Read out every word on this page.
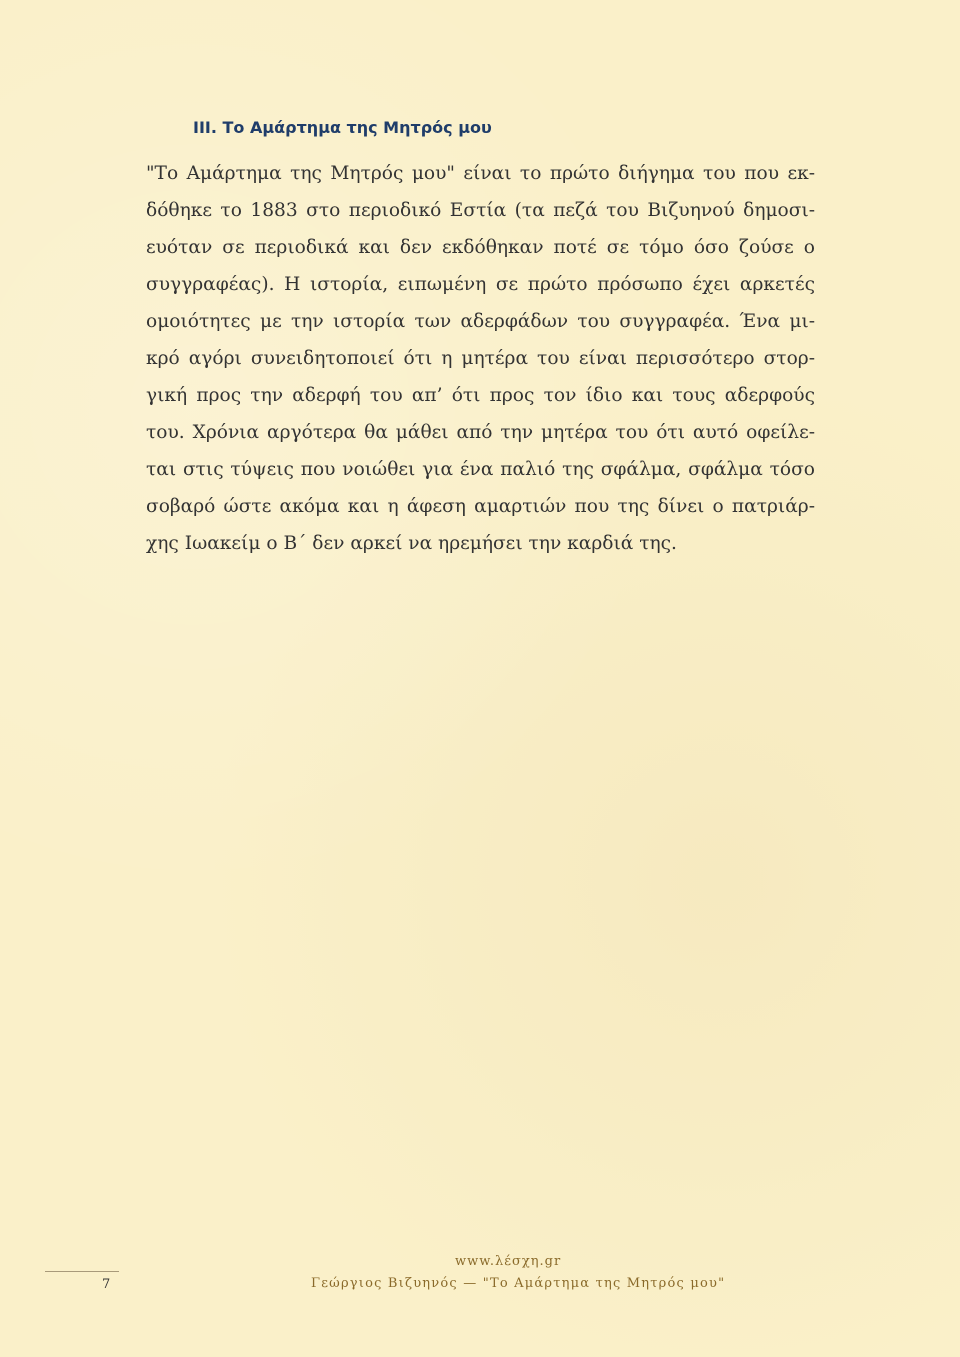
III. Το Αμάρτημα της Μητρός μου

"Το Αμάρτημα της Μητρός μου" είναι το πρώτο διήγημα του που εκ-

δόθηκε το 1883 στο περιοδικό Εστία (τα πεζά του Βιζυηνού δημοσι-

ευόταν σε περιοδικά και δεν εκδόθηκαν ποτέ σε τόμο όσο ζούσε ο

συγγραφέας). Η ιστορία, ειπωμένη σε πρώτο πρόσωπο έχει αρκετές

ομοιότητες με την ιστορία των αδερφάδων του συγγραφέα. Ένα μι-

κρό αγόρι συνειδητοποιεί ότι η μητέρα του είναι περισσότερο στορ-

γική προς την αδερφή του απ’ ότι προς τον ίδιο και τους αδερφούς

του. Χρόνια αργότερα θα μάθει από την μητέρα του ότι αυτό οφείλε-

ται στις τύψεις που νοιώθει για ένα παλιό της σφάλμα, σφάλμα τόσο

σοβαρό ώστε ακόμα και η άφεση αμαρτιών που της δίνει ο πατριάρ-

χης Ιωακείμ ο Β΄ δεν αρκεί να ηρεμήσει την καρδιά της.

7
www.λέσχη.gr
Γεώργιος Βιζυηνός — "Το Αμάρτημα της Μητρός μου"
